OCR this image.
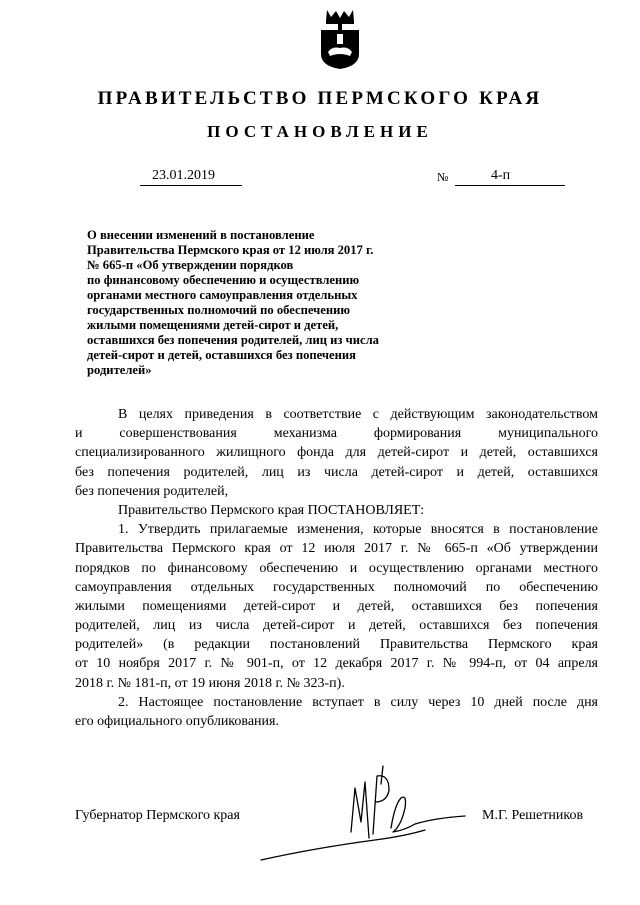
ПРАВИТЕЛЬСТВО ПЕРМСКОГО КРАЯ
ПОСТАНОВЛЕНИЕ
23.01.2019	№	4-п
О внесении изменений в постановление
Правительства Пермского края от 12 июля 2017 г.
№ 665-п «Об утверждении порядков
по финансовому обеспечению и осуществлению
органами местного самоуправления отдельных
государственных полномочий по обеспечению
жилыми помещениями детей-сирот и детей,
оставшихся без попечения родителей, лиц из числа
детей-сирот и детей, оставшихся без попечения
родителей»
В целях приведения в соответствие с действующим законодательством
и совершенствования механизма формирования муниципального
специализированного жилищного фонда для детей-сирот и детей, оставшихся
без попечения родителей, лиц из числа детей-сирот и детей, оставшихся
без попечения родителей,
Правительство Пермского края ПОСТАНОВЛЯЕТ:
1. Утвердить прилагаемые изменения, которые вносятся в постановление
Правительства Пермского края от 12 июля 2017 г. № 665-п «Об утверждении
порядков по финансовому обеспечению и осуществлению органами местного
самоуправления отдельных государственных полномочий по обеспечению
жилыми помещениями детей-сирот и детей, оставшихся без попечения
родителей, лиц из числа детей-сирот и детей, оставшихся без попечения
родителей» (в редакции постановлений Правительства Пермского края
от 10 ноября 2017 г. № 901-п, от 12 декабря 2017 г. № 994-п, от 04 апреля
2018 г. № 181-п, от 19 июня 2018 г. № 323-п).
2. Настоящее постановление вступает в силу через 10 дней после дня
его официального опубликования.
Губернатор Пермского края	М.Г. Решетников
